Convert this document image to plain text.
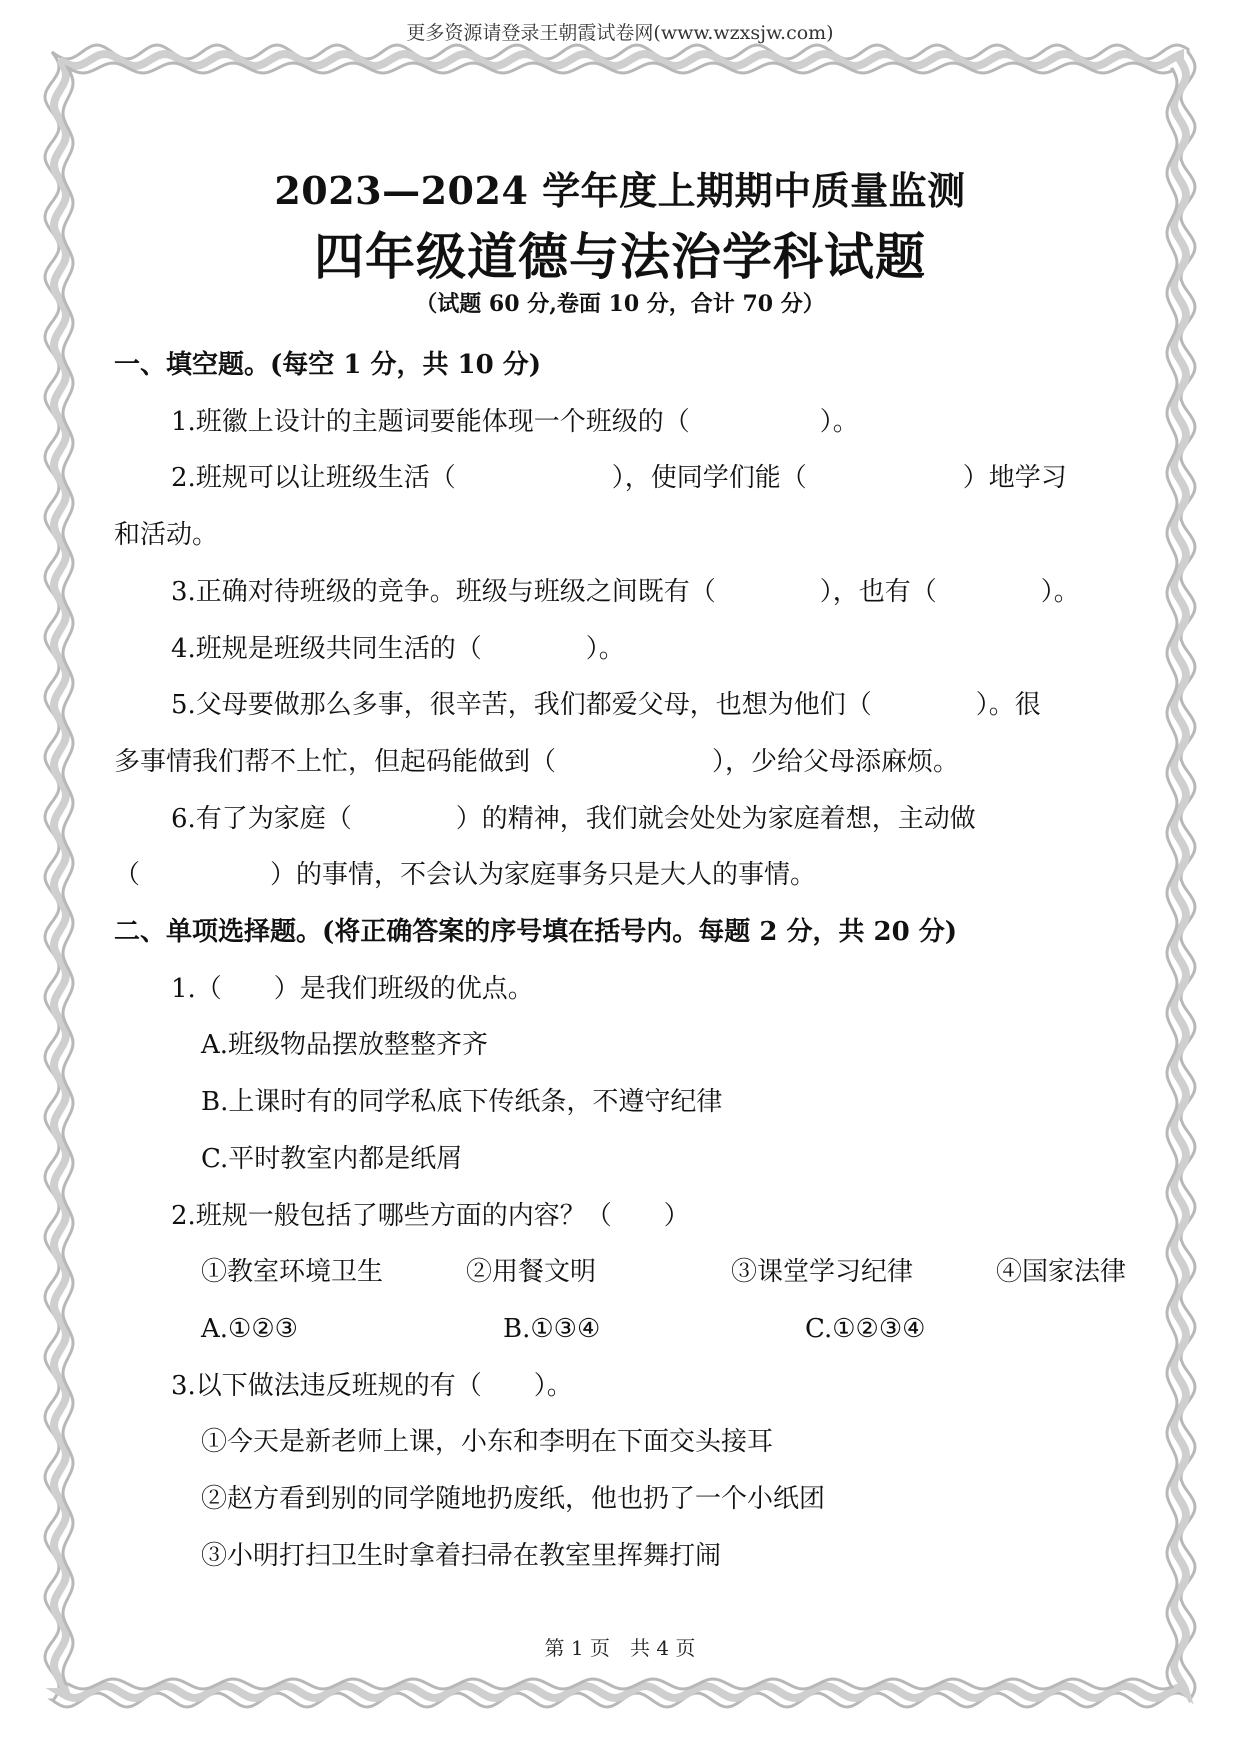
更多资源请登录王朝霞试卷网(www.wzxsjw.com)
2023—2024 学年度上期期中质量监测
四年级道德与法治学科试题
（试题 60 分,卷面 10 分，合计 70 分）
一、填空题。(每空 1 分，共 10 分)
1.班徽上设计的主题词要能体现一个班级的（　　　　　）。
2.班规可以让班级生活（　　　　　　），使同学们能（　　　　　　）地学习
和活动。
3.正确对待班级的竞争。班级与班级之间既有（　　　　），也有（　　　　）。
4.班规是班级共同生活的（　　　　）。
5.父母要做那么多事，很辛苦，我们都爱父母，也想为他们（　　　　）。很
多事情我们帮不上忙，但起码能做到（　　　　　　），少给父母添麻烦。
6.有了为家庭（　　　　）的精神，我们就会处处为家庭着想，主动做
（　　　　　）的事情，不会认为家庭事务只是大人的事情。
二、单项选择题。(将正确答案的序号填在括号内。每题 2 分，共 20 分)
1.（　　）是我们班级的优点。
A.班级物品摆放整整齐齐
B.上课时有的同学私底下传纸条，不遵守纪律
C.平时教室内都是纸屑
2.班规一般包括了哪些方面的内容？（　　）
①教室环境卫生	②用餐文明	③课堂学习纪律	④国家法律
A.①②③	B.①③④	C.①②③④
3.以下做法违反班规的有（　　）。
①今天是新老师上课，小东和李明在下面交头接耳
②赵方看到别的同学随地扔废纸，他也扔了一个小纸团
③小明打扫卫生时拿着扫帚在教室里挥舞打闹
第 1 页　共 4 页
